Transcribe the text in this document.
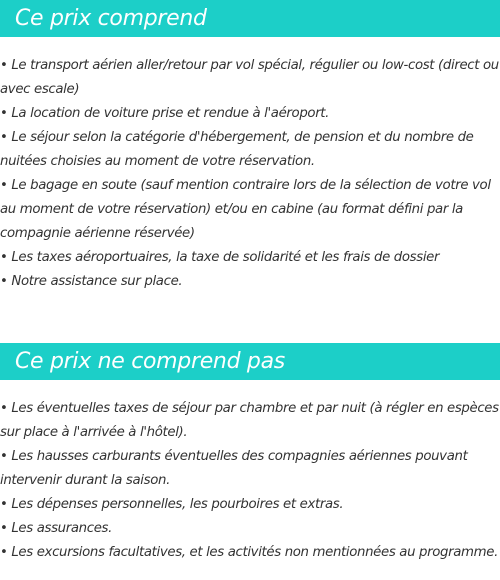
Ce prix comprend
• Le transport aérien aller/retour par vol spécial, régulier ou low-cost (direct ou avec escale)
• La location de voiture prise et rendue à l'aéroport.
• Le séjour selon la catégorie d'hébergement, de pension et du nombre de nuitées choisies au moment de votre réservation.
• Le bagage en soute (sauf mention contraire lors de la sélection de votre vol au moment de votre réservation) et/ou en cabine (au format défini par la compagnie aérienne réservée)
• Les taxes aéroportuaires, la taxe de solidarité et les frais de dossier
• Notre assistance sur place.
Ce prix ne comprend pas
• Les éventuelles taxes de séjour par chambre et par nuit (à régler en espèces sur place à l'arrivée à l'hôtel).
• Les hausses carburants éventuelles des compagnies aériennes pouvant intervenir durant la saison.
• Les dépenses personnelles, les pourboires et extras.
• Les assurances.
• Les excursions facultatives, et les activités non mentionnées au programme.
